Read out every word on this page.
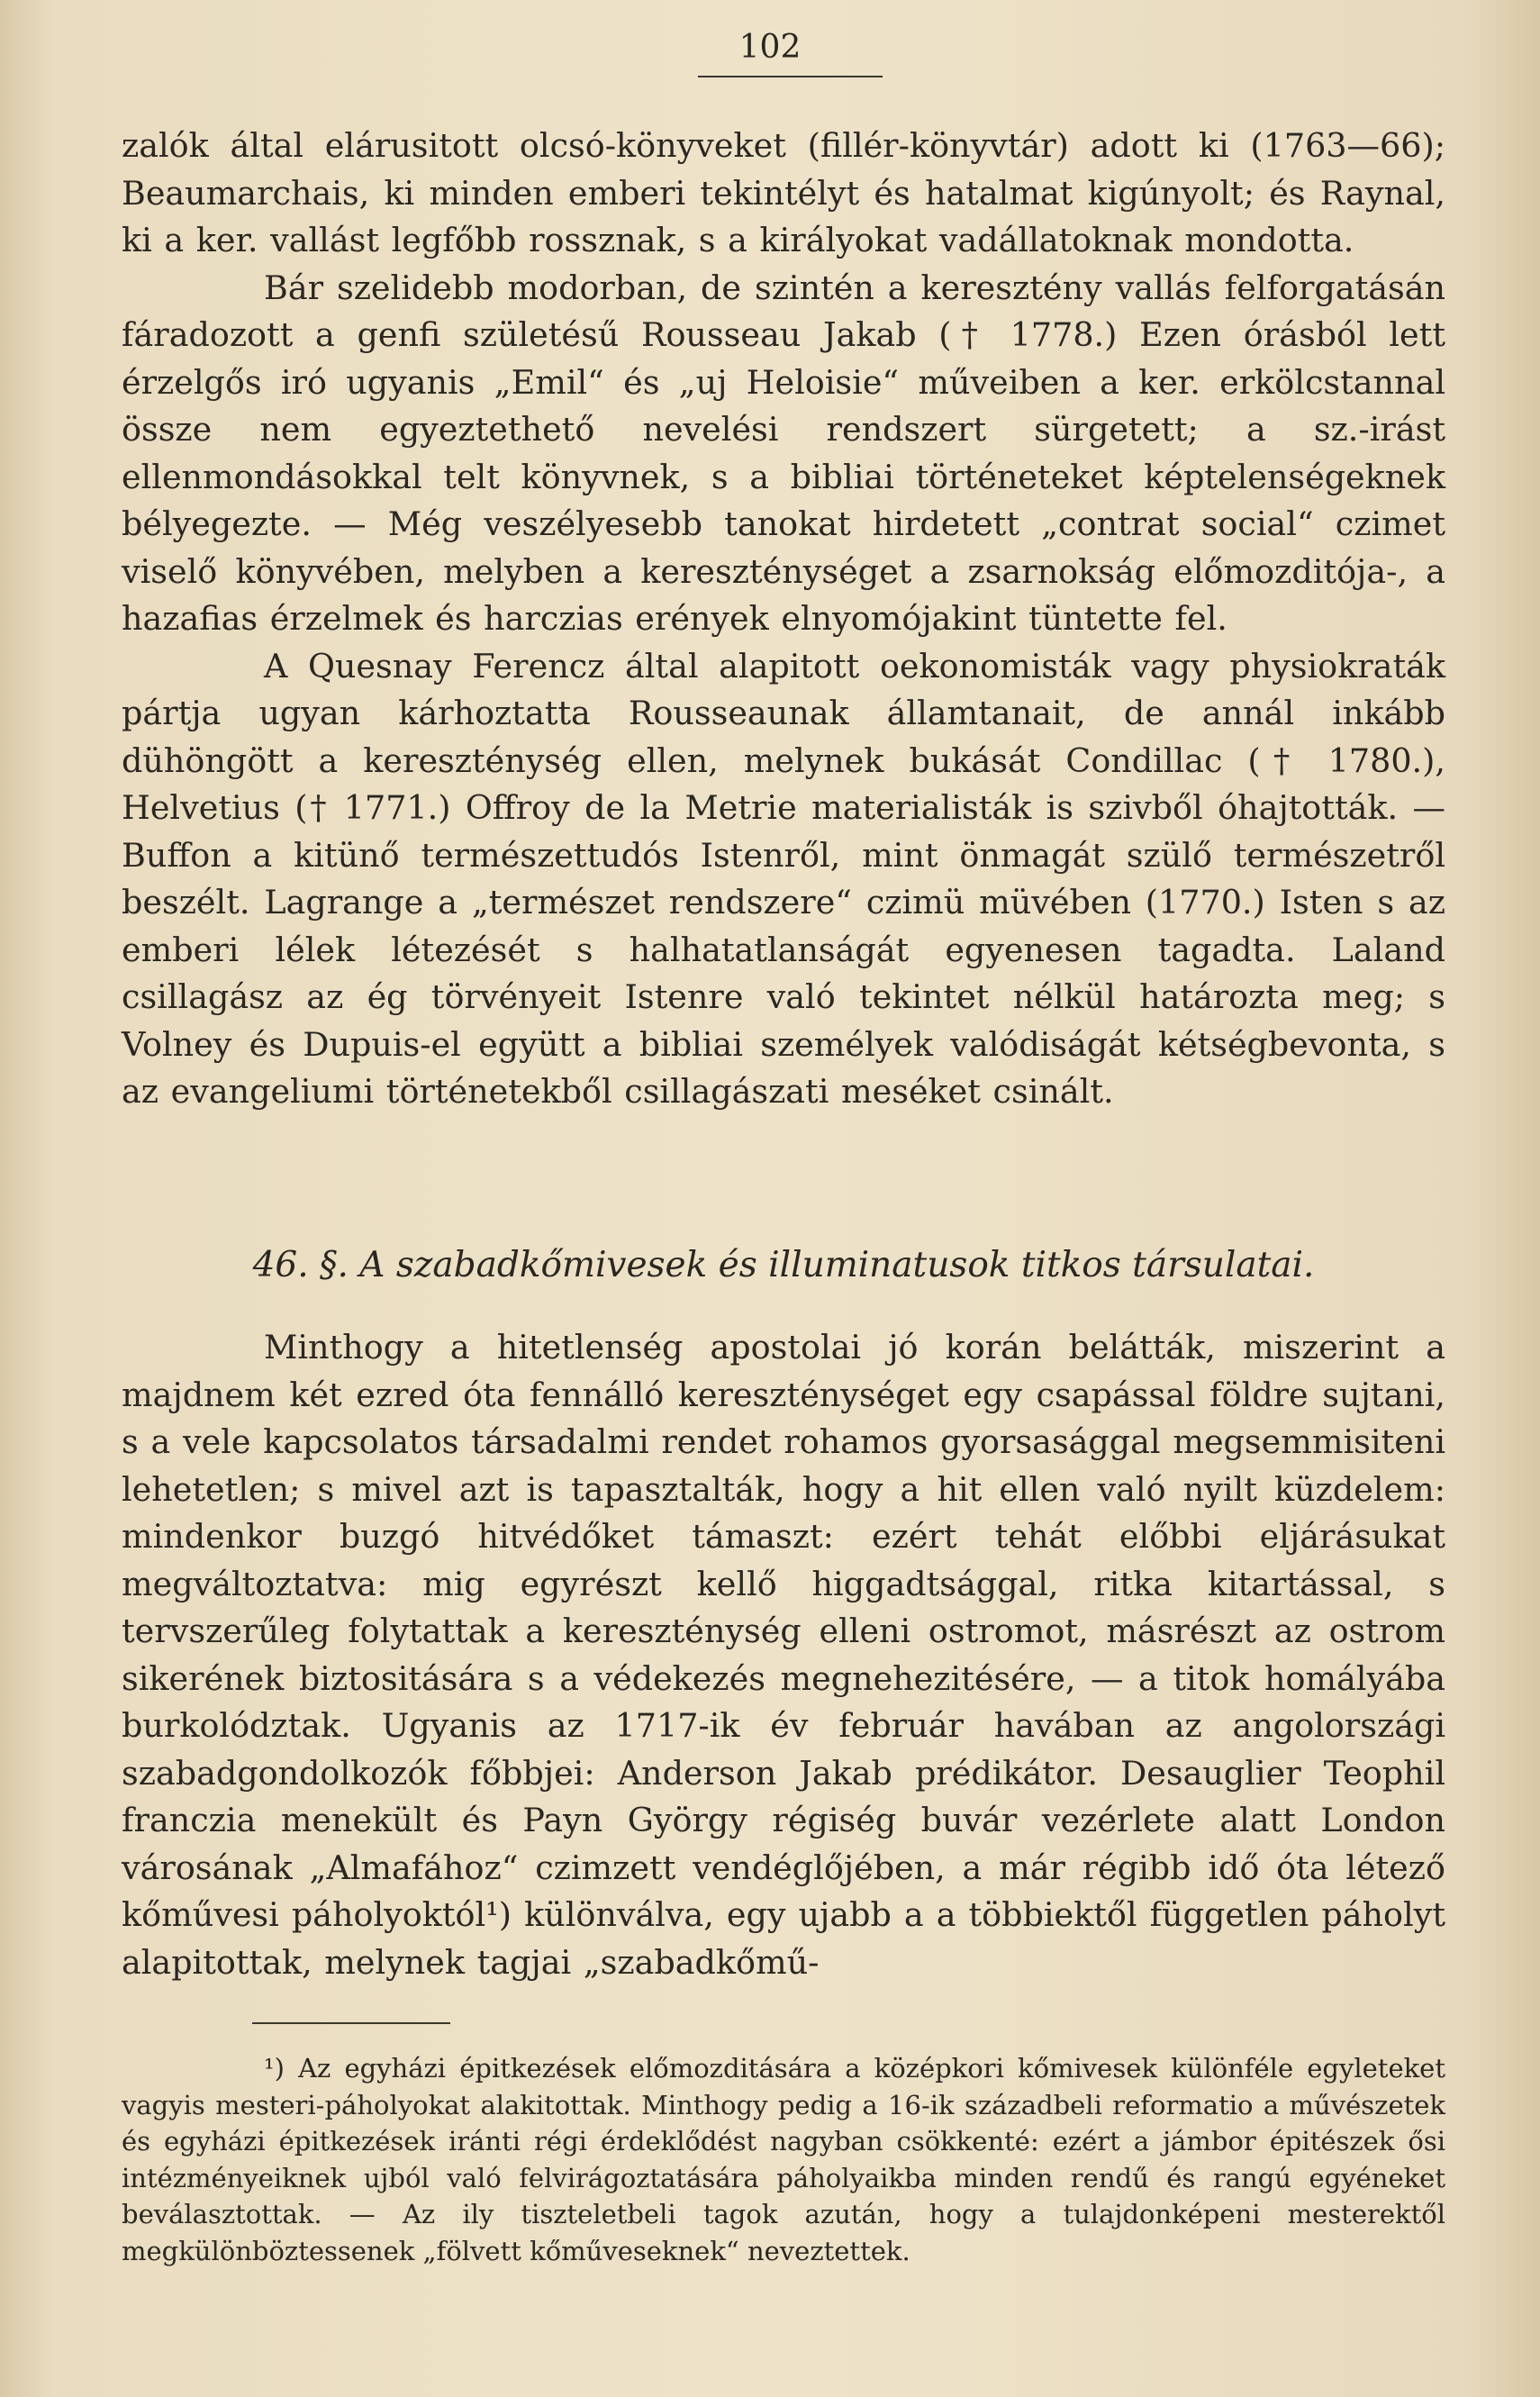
102

zalók által elárusitott olcsó-könyveket (fillér-könyvtár) adott ki (1763—66); Beaumarchais, ki minden emberi tekintélyt és hatalmat kigúnyolt; és Raynal, ki a ker. vallást legfőbb rossznak, s a királyokat vadállatoknak mondotta.

Bár szelidebb modorban, de szintén a keresztény vallás felforgatásán fáradozott a genfi születésű Rousseau Jakab († 1778.) Ezen órásból lett érzelgős iró ugyanis „Emil“ és „uj Heloisie“ műveiben a ker. erkölcstannal össze nem egyeztethető nevelési rendszert sürgetett; a sz.-irást ellenmondásokkal telt könyvnek, s a bibliai történeteket képtelenségeknek bélyegezte. — Még veszélyesebb tanokat hirdetett „contrat social“ czimet viselő könyvében, melyben a kereszténységet a zsarnokság előmozditója-, a hazafias érzelmek és harczias erények elnyomójakint tüntette fel.

A Quesnay Ferencz által alapitott oekonomisták vagy physiokraták pártja ugyan kárhoztatta Rousseaunak államtanait, de annál inkább dühöngött a kereszténység ellen, melynek bukását Condillac († 1780.), Helvetius († 1771.) Offroy de la Metrie materialisták is szivből óhajtották. — Buffon a kitünő természettudós Istenről, mint önmagát szülő természetről beszélt. Lagrange a „természet rendszere“ czimü müvében (1770.) Isten s az emberi lélek létezését s halhatatlanságát egyenesen tagadta. Laland csillagász az ég törvényeit Istenre való tekintet nélkül határozta meg; s Volney és Dupuis-el együtt a bibliai személyek valódiságát kétségbevonta, s az evangeliumi történetekből csillagászati meséket csinált.

46. §. A szabadkőmivesek és illuminatusok titkos társulatai.

Minthogy a hitetlenség apostolai jó korán belátták, miszerint a majdnem két ezred óta fennálló kereszténységet egy csapással földre sujtani, s a vele kapcsolatos társadalmi rendet rohamos gyorsasággal megsemmisiteni lehetetlen; s mivel azt is tapasztalták, hogy a hit ellen való nyilt küzdelem: mindenkor buzgó hitvédőket támaszt: ezért tehát előbbi eljárásukat megváltoztatva: mig egyrészt kellő higgadtsággal, ritka kitartással, s tervszerűleg folytattak a kereszténység elleni ostromot, másrészt az ostrom sikerének biztositására s a védekezés megnehezitésére, — a titok homályába burkolództak. Ugyanis az 1717-ik év február havában az angolországi szabadgondolkozók főbbjei: Anderson Jakab prédikátor. Desauglier Teophil franczia menekült és Payn György régiség buvár vezérlete alatt London városának „Almafához“ czimzett vendéglőjében, a már régibb idő óta létező kőművesi páholyoktól¹) különválva, egy ujabb a a többiektől független páholyt alapitottak, melynek tagjai „szabadkőmű-

¹) Az egyházi épitkezések előmozditására a középkori kőmivesek különféle egyleteket vagyis mesteri-páholyokat alakitottak. Minthogy pedig a 16-ik századbeli reformatio a művészetek és egyházi épitkezések iránti régi érdeklődést nagyban csökkenté: ezért a jámbor épitészek ősi intézményeiknek ujból való felvirágoztatására páholyaikba minden rendű és rangú egyéneket beválasztottak. — Az ily tiszteletbeli tagok azután, hogy a tulajdonképeni mesterektől megkülönböztessenek „fölvett kőműveseknek“ neveztettek.
